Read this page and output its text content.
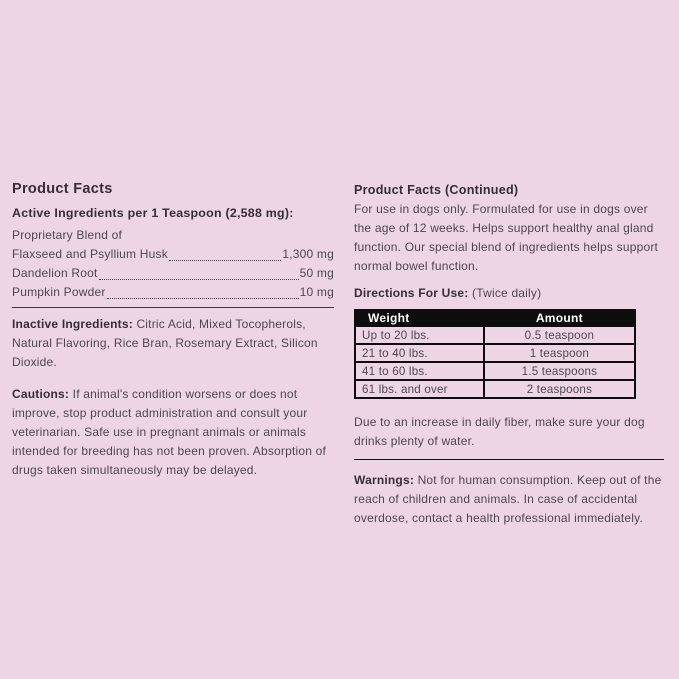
Product Facts
Active Ingredients per 1 Teaspoon (2,588 mg):
Proprietary Blend of
Flaxseed and Psyllium Husk	1,300 mg
Dandelion Root	50 mg
Pumpkin Powder	10 mg

Inactive Ingredients: Citric Acid, Mixed Tocopherols, Natural Flavoring, Rice Bran, Rosemary Extract, Silicon Dioxide.

Cautions: If animal's condition worsens or does not improve, stop product administration and consult your veterinarian. Safe use in pregnant animals or animals intended for breeding has not been proven. Absorption of drugs taken simultaneously may be delayed.

Product Facts (Continued)

For use in dogs only. Formulated for use in dogs over the age of 12 weeks. Helps support healthy anal gland function. Our special blend of ingredients helps support normal bowel function.

Directions For Use: (Twice daily)

Weight	Amount
Up to 20 lbs.	0.5 teaspoon
21 to 40 lbs.	1 teaspoon
41 to 60 lbs.	1.5 teaspoons
61 lbs. and over	2 teaspoons

Due to an increase in daily fiber, make sure your dog drinks plenty of water.

Warnings: Not for human consumption. Keep out of the reach of children and animals. In case of accidental overdose, contact a health professional immediately.
